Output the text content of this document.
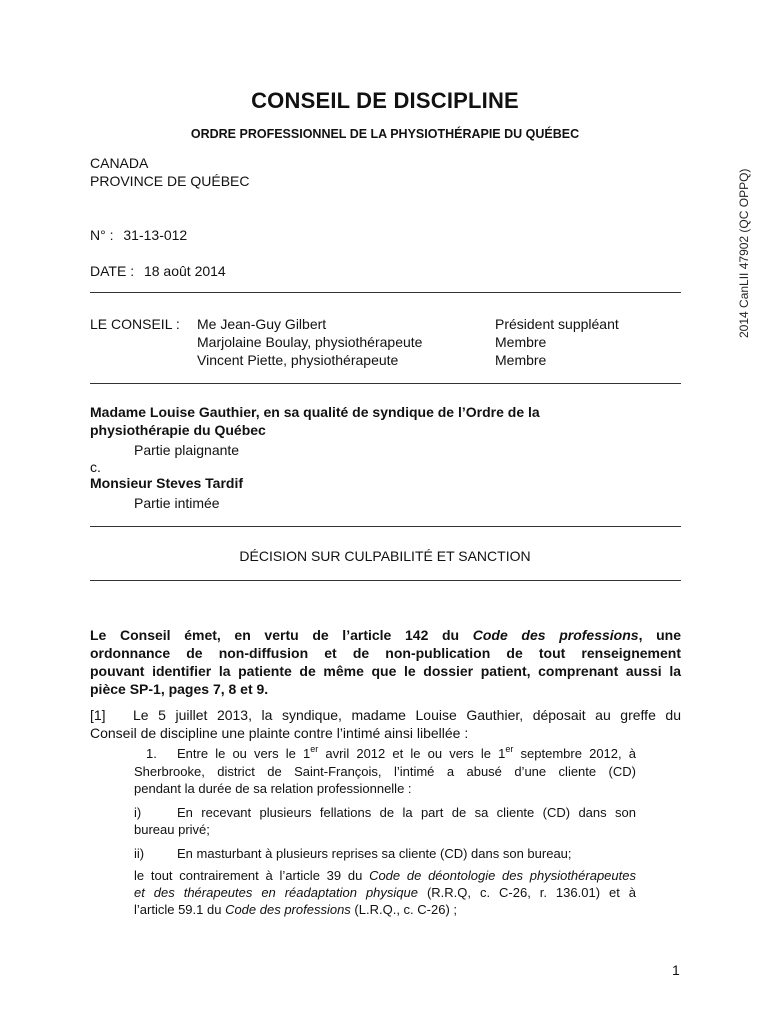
CONSEIL DE DISCIPLINE
ORDRE PROFESSIONNEL DE LA PHYSIOTHÉRAPIE DU QUÉBEC
2014 CanLII 47902 (QC OPPQ)
CANADA
PROVINCE DE QUÉBEC
N° : 31-13-012
DATE : 18 août 2014
LE CONSEIL : Me Jean-Guy Gilbert	Président suppléant
Marjolaine Boulay, physiothérapeute	Membre
Vincent Piette, physiothérapeute	Membre
Madame Louise Gauthier, en sa qualité de syndique de l’Ordre de la
physiothérapie du Québec
Partie plaignante
c.
Monsieur Steves Tardif
Partie intimée
DÉCISION SUR CULPABILITÉ ET SANCTION
Le Conseil émet, en vertu de l’article 142 du Code des professions, une
ordonnance de non-diffusion et de non-publication de tout renseignement
pouvant identifier la patiente de même que le dossier patient, comprenant aussi la
pièce SP-1, pages 7, 8 et 9.
[1] Le 5 juillet 2013, la syndique, madame Louise Gauthier, déposait au greffe du
Conseil de discipline une plainte contre l’intimé ainsi libellée :
1. Entre le ou vers le 1er avril 2012 et le ou vers le 1er septembre 2012, à
Sherbrooke, district de Saint-François, l’intimé a abusé d’une cliente (CD)
pendant la durée de sa relation professionnelle :
i)	En recevant plusieurs fellations de la part de sa cliente (CD) dans son
bureau privé;
ii)	En masturbant à plusieurs reprises sa cliente (CD) dans son bureau;
le tout contrairement à l’article 39 du Code de déontologie des physiothérapeutes
et des thérapeutes en réadaptation physique (R.R.Q, c. C-26, r. 136.01) et à
l’article 59.1 du Code des professions (L.R.Q., c. C-26) ;
1
